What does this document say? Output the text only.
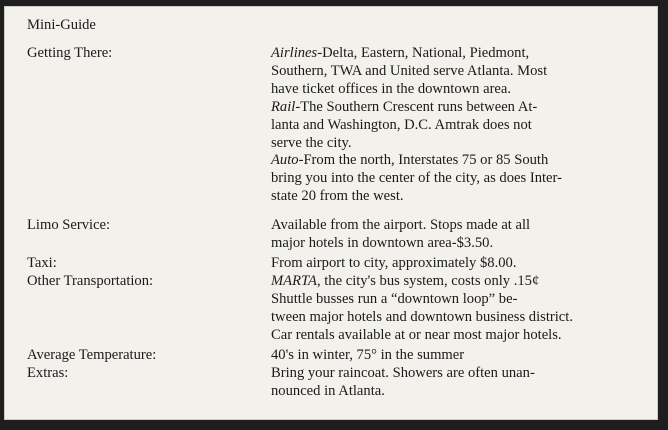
Mini-Guide
Getting There:	Airlines-Delta, Eastern, National, Piedmont,
Southern, TWA and United serve Atlanta. Most
have ticket offices in the downtown area.
Rail-The Southern Crescent runs between At-
lanta and Washington, D.C. Amtrak does not
serve the city.
Auto-From the north, Interstates 75 or 85 South
bring you into the center of the city, as does Inter-
state 20 from the west.
Limo Service:	Available from the airport. Stops made at all
major hotels in downtown area-$3.50.
Taxi:	From airport to city, approximately $8.00.
Other Transportation:	MARTA, the city's bus system, costs only .15¢
Shuttle busses run a “downtown loop” be-
tween major hotels and downtown business district.
Car rentals available at or near most major hotels.
Average Temperature:	40's in winter, 75° in the summer
Extras:	Bring your raincoat. Showers are often unan-
nounced in Atlanta.
